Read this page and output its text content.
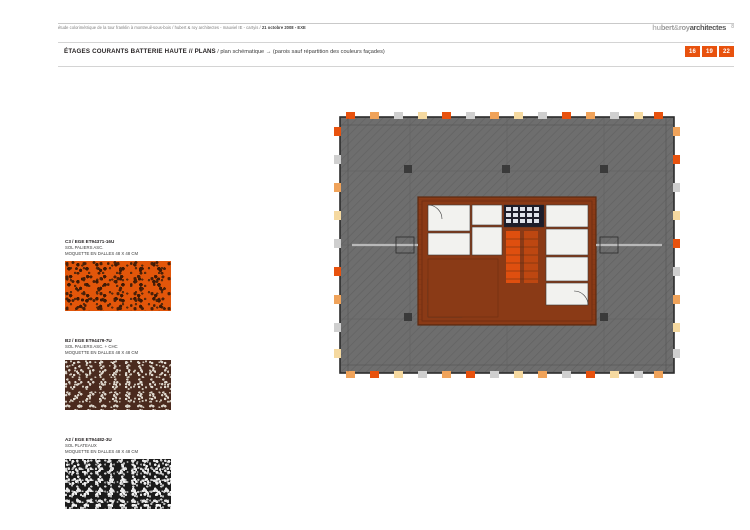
étude colorimétrique de la tour franklin à montreuil-sous-bois / hubert & roy architectes - mauviel IE - cartyis / 21 octobre 2008 - EXE	hubert&royarchitectes 8
ÉTAGES COURANTS BATTERIE HAUTE // PLANS / plan schématique → (parois sauf répartition des couleurs façades)	16	19	22
C3 / EGE ET94371-16U
SOL PALIERS ASC.
MOQUETTE EN DALLES 48 X 48 CM
B2 / EGE ET94479-7U
SOL PALIERS ASC. + CHC
MOQUETTE EN DALLES 48 X 48 CM
A2 / EGE ET94482-3U
SOL PLATEAUX
MOQUETTE EN DALLES 48 X 48 CM
